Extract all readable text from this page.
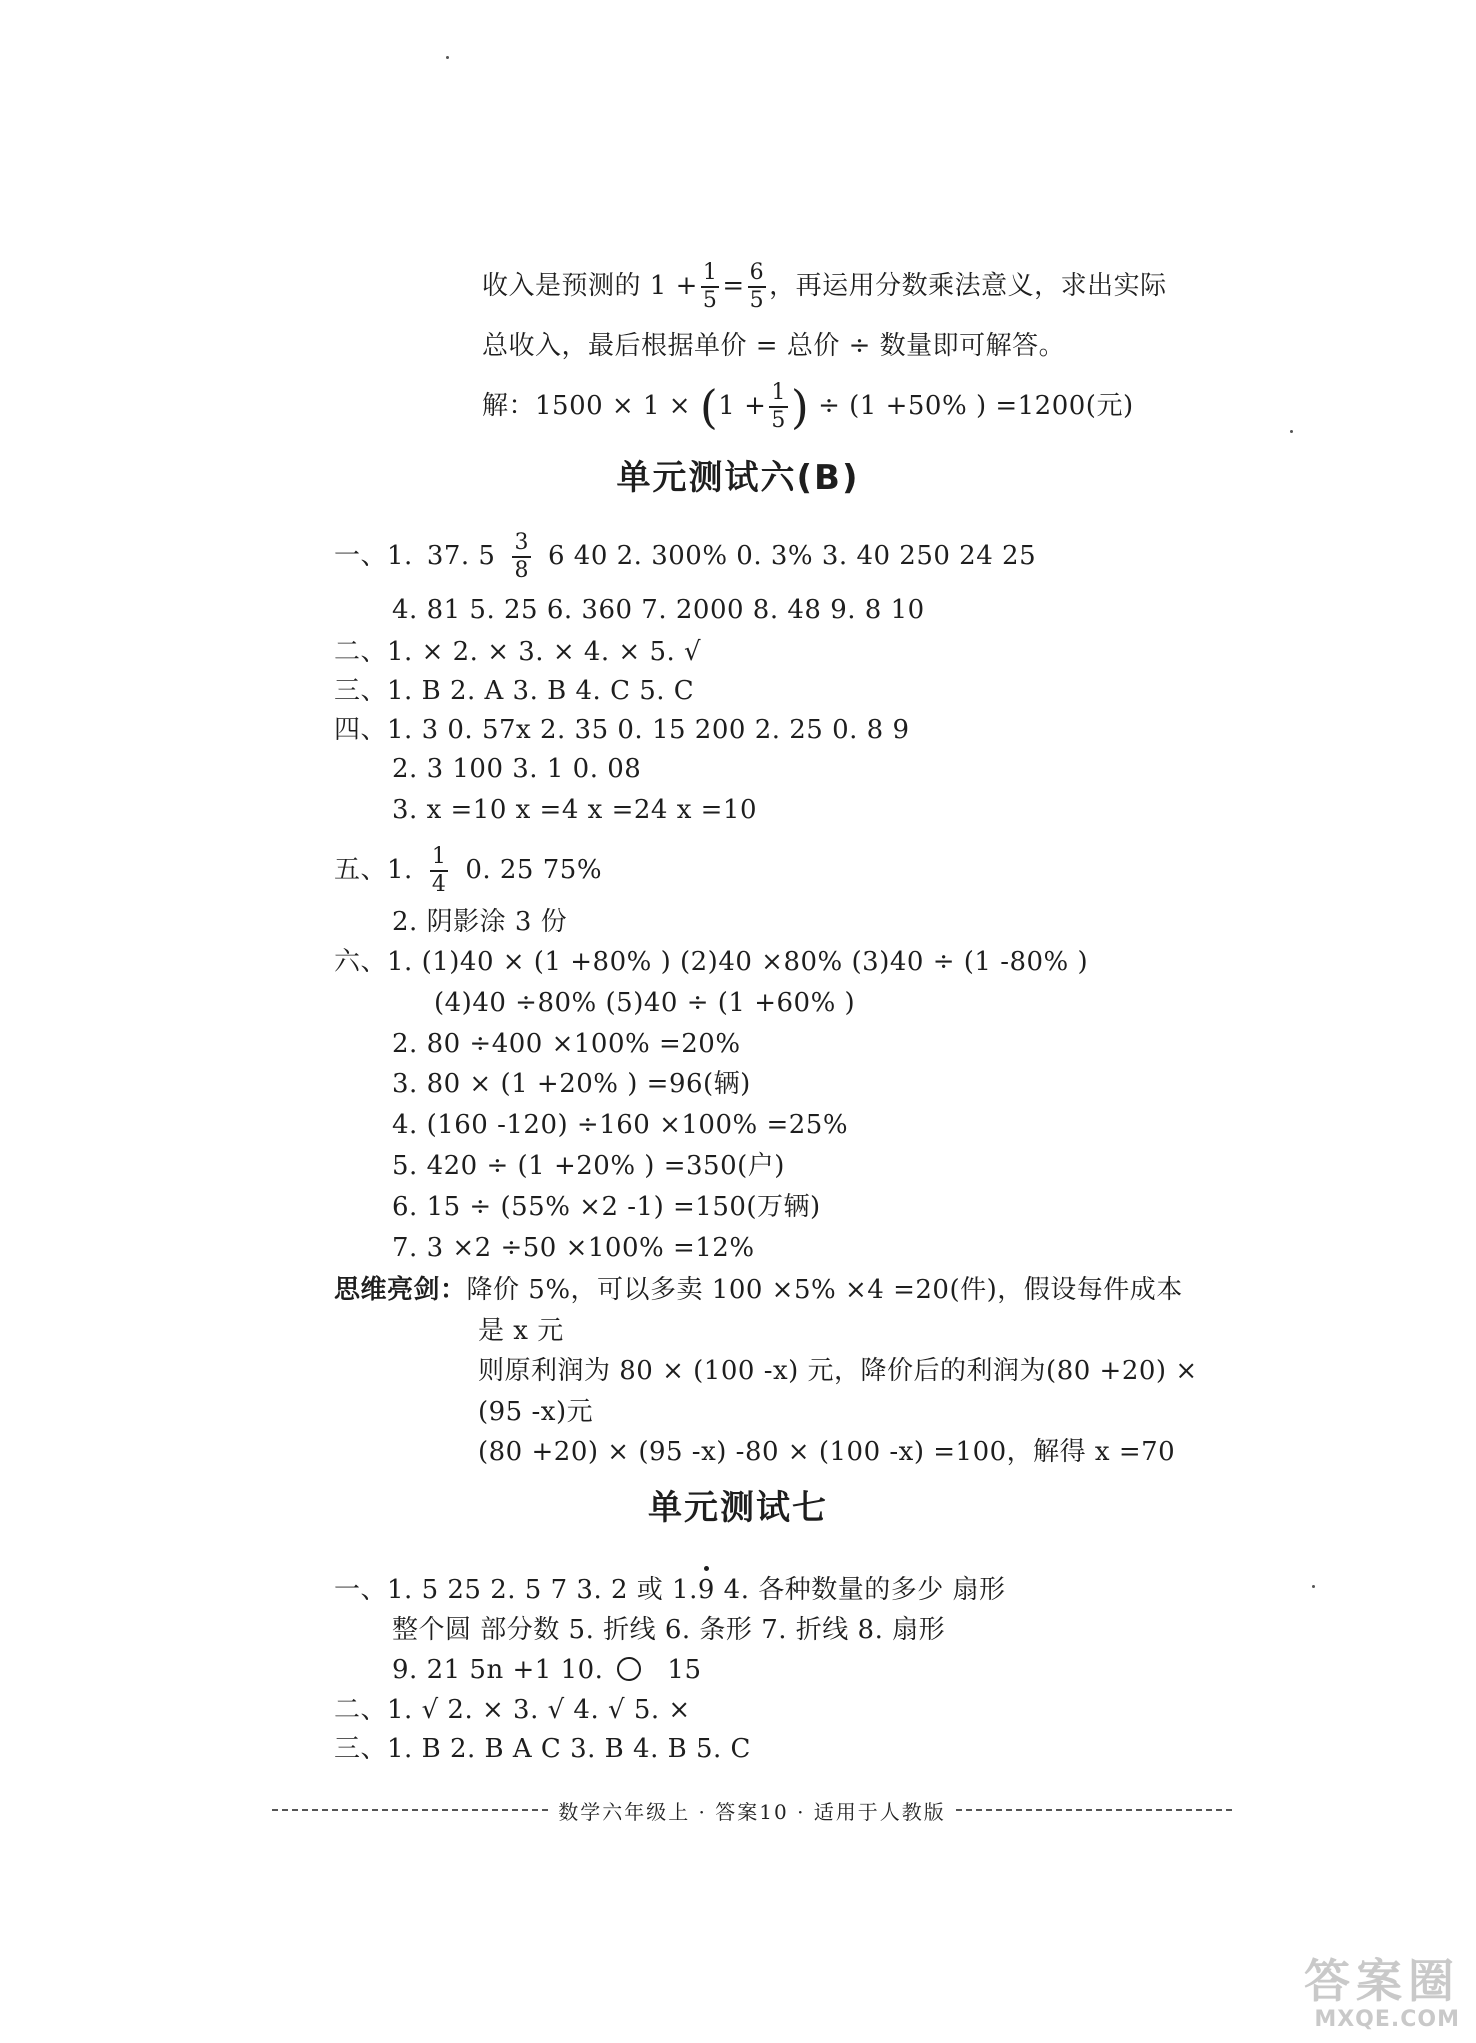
收入是预测的 $1 + \frac{1}{5} = \frac{6}{5}$ ，再运用分数乘法意义，求出实际
总收入，最后根据单价 = 总价 ÷ 数量即可解答。
解：$1500 \times 1 \times (1 + \frac{1}{5}$ ) ÷ (1 +50% ) =1200(元)
单元测试六(B)
一、1. 37. $5 \frac{3}{8} 6$ 40 2. 300% 0. 3% 3. 40 250 24 25
4. 81 5. 25 6. 360 7. 2000 8. 48 9. 8 10
二、1. × 2. × 3. × 4. × 5. √
三、1. B 2. A 3. B 4. C 5. C
四、1. 3 0. 57x 2. 35 0. 15 200 2. 25 0. 8 9
2. 3 100 3. 1 0. 08
3. x =10 x =4 x =24 x =10
五、1. $\frac{1}{4} 0$. 25 75%
2. 阴影涂 3 份
六、1. (1)40 × (1 +80% ) (2)40 ×80% (3)40 ÷ (1 -80% )
(4)40 ÷80% (5)40 ÷ (1 +60% )
2. 80 ÷400 ×100% =20%
3. 80 × (1 +20% ) =96(辆)
4. (160 -120) ÷160 ×100% =25%
5. 420 ÷ (1 +20% ) =350(户)
6. 15 ÷ (55% ×2 -1) =150(万辆)
7. 3 ×2 ÷50 ×100% =12%
思维亮剑：降价 5%，可以多卖 100 ×5% ×4 =20(件)，假设每件成本
是 x 元
则原利润为 80 × (100 -x) 元，降价后的利润为(80 +20) ×
(95 -x)元
(80 +20) × (95 -x) -80 × (100 -x) =100，解得 x =70
单元测试七
一、1. 5 25 2. 5 7 3. 2 或 1.9 4. 各种数量的多少 扇形
整个圆 部分数 5. 折线 6. 条形 7. 折线 8. 扇形
9. 21 5n +1 10. 15
二、1. √ 2. × 3. √ 4. √ 5. ×
三、1. B 2. B A C 3. B 4. B 5. C
数学六年级上 · 答案10 · 适用于人教版
答案圈
MXQE.COM
